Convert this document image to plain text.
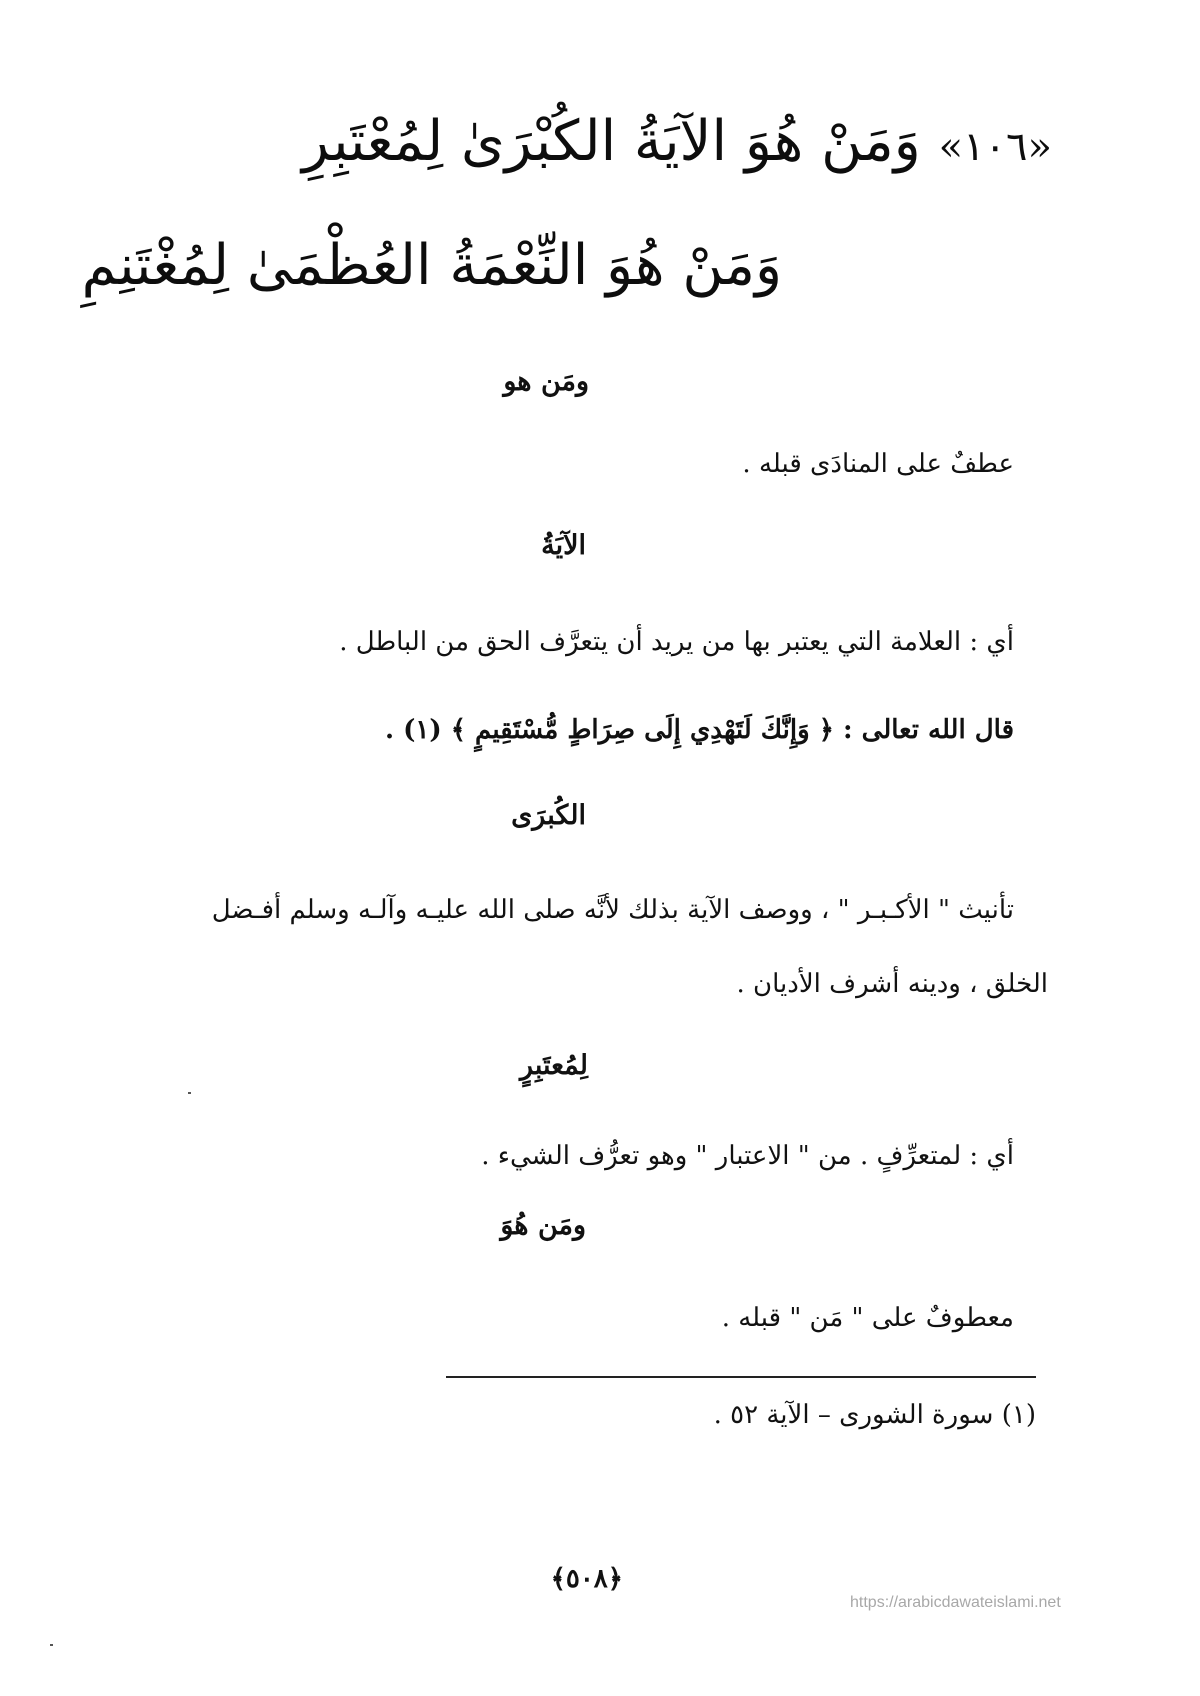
«١٠٦» وَمَنْ هُوَ الآيَةُ الكُبْرَىٰ لِمُعْتَبِرِ
وَمَنْ هُوَ النِّعْمَةُ العُظْمَىٰ لِمُغْتَنِمِ
ومَن هو
عطفٌ على المنادَى قبله .
الآيَةُ
أي : العلامة التي يعتبر بها من يريد أن يتعرَّف الحق من الباطل .
قال الله تعالى : ﴿ وَإِنَّكَ لَتَهْدِي إِلَى صِرَاطٍ مُّسْتَقِيمٍ ﴾ (١) .
الكُبرَى
تأنيث " الأكـبـر " ، ووصف الآية بذلك لأنَّه صلى الله عليـه وآلـه وسلم أفـضل
الخلق ، ودينه أشرف الأديان .
لِمُعتَبِرٍ
أي : لمتعرِّفٍ . من " الاعتبار " وهو تعرُّف الشيء .
ومَن هُوَ
معطوفٌ على " مَن " قبله .
(١) سورة الشورى – الآية ٥٢ .
﴿٥٠٨﴾
https://arabicdawateislami.net
